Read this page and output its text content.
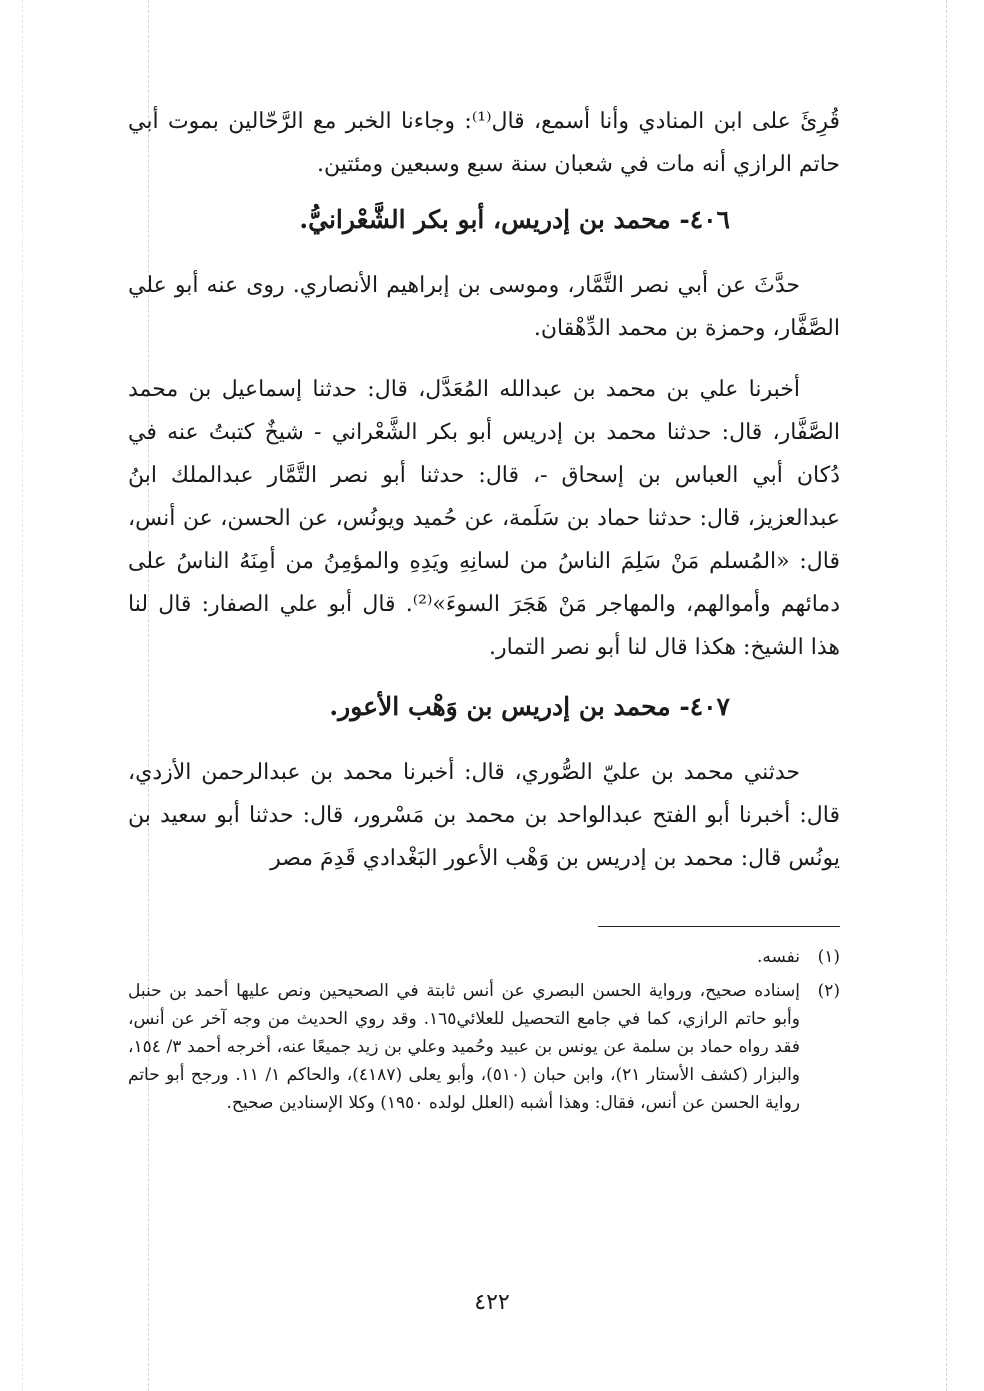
قُرِئَ على ابن المنادي وأنا أسمع، قال⁽¹⁾: وجاءنا الخبر مع الرَّحّالين بموت أبي حاتم الرازي أنه مات في شعبان سنة سبع وسبعين ومئتين.

٤٠٦- محمد بن إدريس، أبو بكر الشَّعْرانيُّ.

حدَّثَ عن أبي نصر التَّمَّار، وموسى بن إبراهيم الأنصاري. روى عنه أبو علي الصَّفَّار، وحمزة بن محمد الدِّهْقان.

أخبرنا علي بن محمد بن عبدالله المُعَدَّل، قال: حدثنا إسماعيل بن محمد الصَّفَّار، قال: حدثنا محمد بن إدريس أبو بكر الشَّعْراني - شيخٌ كتبتُ عنه في دُكان أبي العباس بن إسحاق -، قال: حدثنا أبو نصر التَّمَّار عبدالملك ابنُ عبدالعزيز، قال: حدثنا حماد بن سَلَمة، عن حُميد ويونُس، عن الحسن، عن أنس، قال: «المُسلم مَنْ سَلِمَ الناسُ من لسانِهِ ويَدِهِ والمؤمِنُ من أمِنَهُ الناسُ على دمائهم وأموالهم، والمهاجر مَنْ هَجَرَ السوءَ»⁽²⁾. قال أبو علي الصفار: قال لنا هذا الشيخ: هكذا قال لنا أبو نصر التمار.

٤٠٧- محمد بن إدريس بن وَهْب الأعور.

حدثني محمد بن عليّ الصُّوري، قال: أخبرنا محمد بن عبدالرحمن الأزدي، قال: أخبرنا أبو الفتح عبدالواحد بن محمد بن مَسْرور، قال: حدثنا أبو سعيد بن يونُس قال: محمد بن إدريس بن وَهْب الأعور البَغْدادي قَدِمَ مصر

(١)
نفسه.
(٢)
إسناده صحيح، ورواية الحسن البصري عن أنس ثابتة في الصحيحين ونص عليها أحمد بن حنبل وأبو حاتم الرازي، كما في جامع التحصيل للعلائي١٦٥. وقد روي الحديث من وجه آخر عن أنس، فقد رواه حماد بن سلمة عن يونس بن عبيد وحُميد وعلي بن زيد جميعًا عنه، أخرجه أحمد ٣/ ١٥٤، والبزار (كشف الأستار ٢١)، وابن حبان (٥١٠)، وأبو يعلى (٤١٨٧)، والحاكم ١/ ١١. ورجح أبو حاتم رواية الحسن عن أنس، فقال: وهذا أشبه (العلل لولده ١٩٥٠) وكلا الإسنادين صحيح.
٤٢٢
